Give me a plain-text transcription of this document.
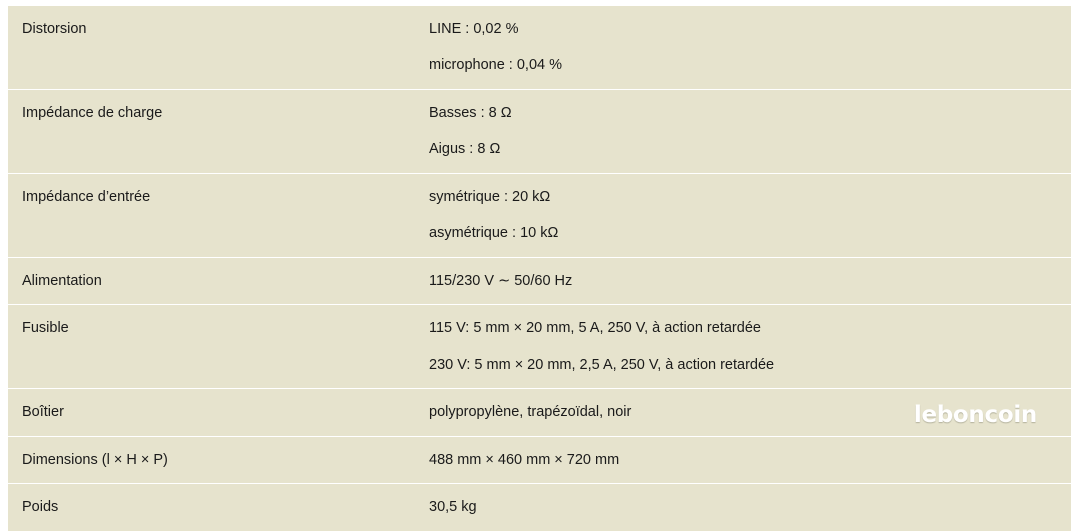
Distorsion	LINE : 0,02 %
microphone : 0,04 %

Impédance de charge	Basses : 8 Ω
Aigus : 8 Ω

Impédance d’entrée	symétrique : 20 kΩ
asymétrique : 10 kΩ

Alimentation	115/230 V ∼ 50/60 Hz

Fusible	115 V: 5 mm × 20 mm, 5 A, 250 V, à action retardée
230 V: 5 mm × 20 mm, 2,5 A, 250 V, à action retardée

Boîtier	polypropylène, trapézoïdal, noir

Dimensions (l × H × P)	488 mm × 460 mm × 720 mm

Poids	30,5 kg
leboncoin
